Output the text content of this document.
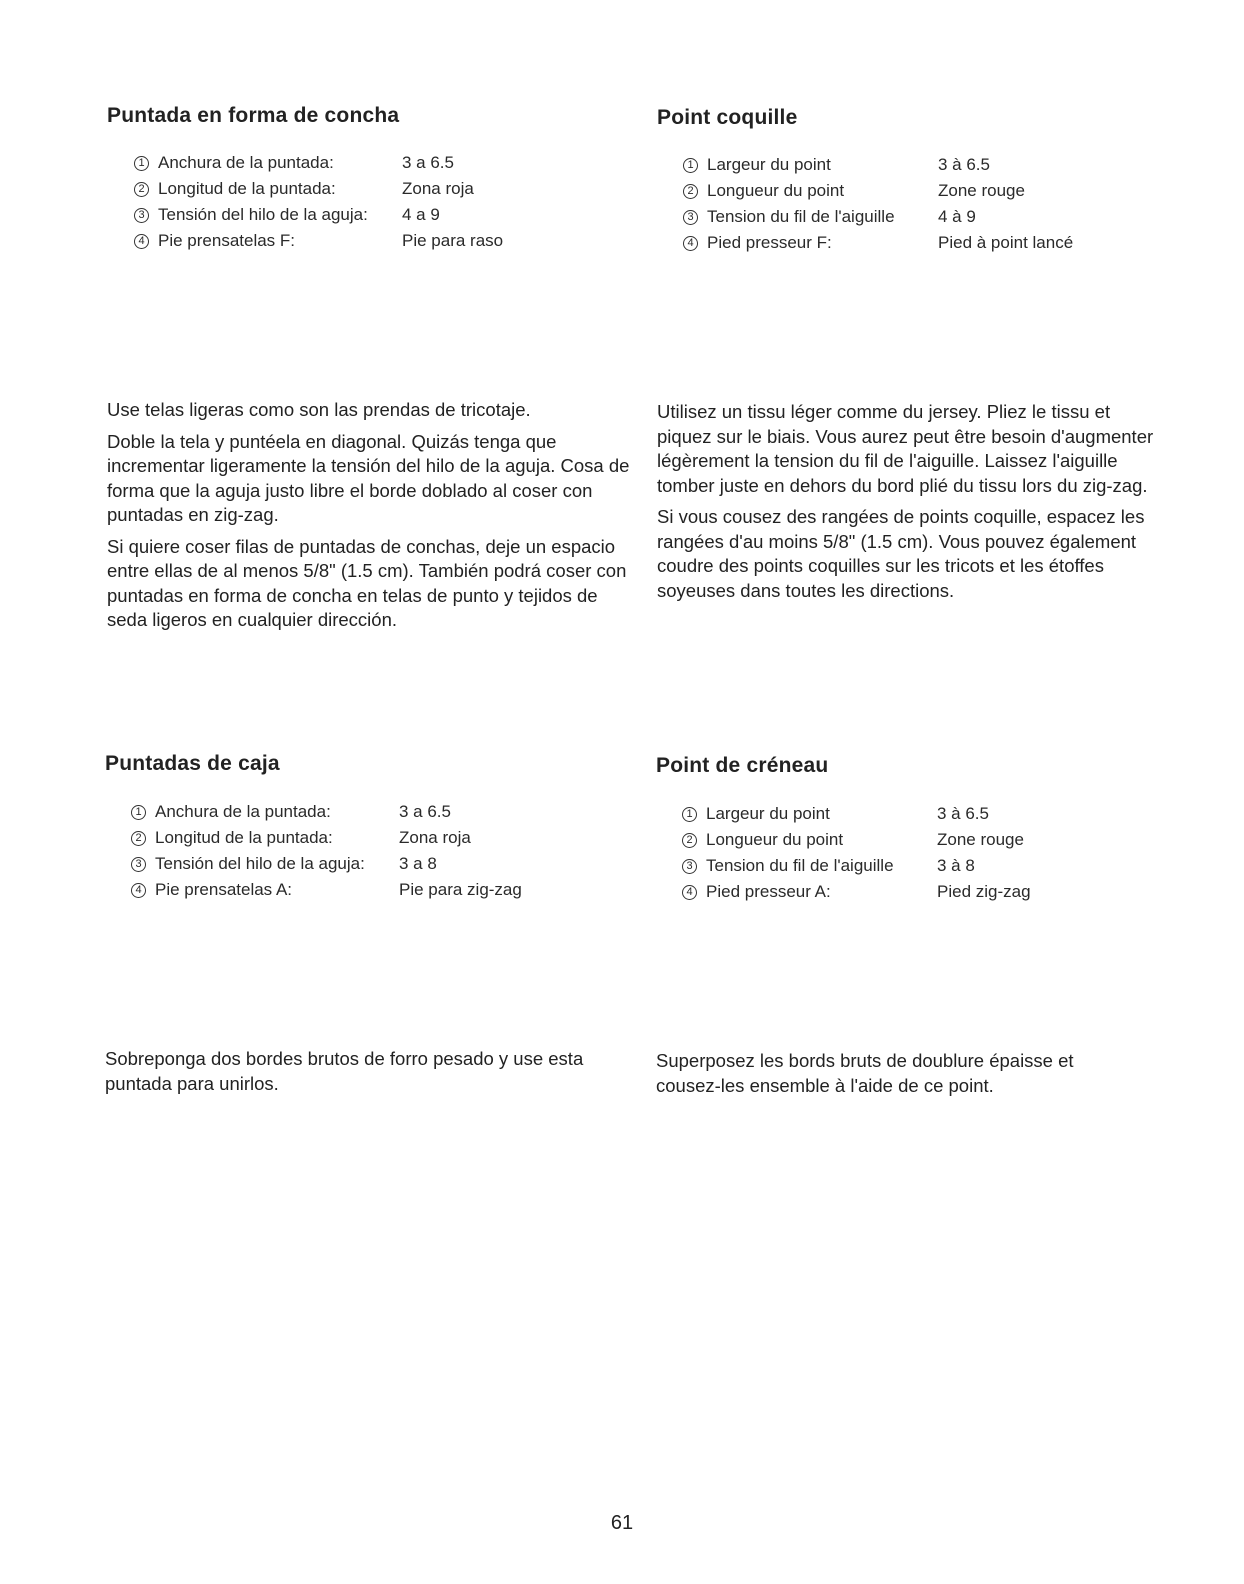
Puntada en forma de concha
1 Anchura de la puntada:	3 a 6.5
2 Longitud de la puntada:	Zona roja
3 Tensión del hilo de la aguja: 4 a 9
4 Pie prensatelas F:	Pie para raso

Use telas ligeras como son las prendas de tricotaje.

Doble la tela y puntéela en diagonal. Quizás tenga que incrementar ligeramente la tensión del hilo de la aguja. Cosa de forma que la aguja justo libre el borde doblado al coser con puntadas en zig-zag.

Si quiere coser filas de puntadas de conchas, deje un espacio entre ellas de al menos 5/8" (1.5 cm). También podrá coser con puntadas en forma de concha en telas de punto y tejidos de seda ligeros en cualquier dirección.

Point coquille
1 Largeur du point	3 à 6.5
2 Longueur du point	Zone rouge
3 Tension du fil de l'aiguille	4 à 9
4 Pied presseur F:	Pied à point lancé

Utilisez un tissu léger comme du jersey. Pliez le tissu et piquez sur le biais. Vous aurez peut être besoin d'augmenter légèrement la tension du fil de l'aiguille. Laissez l'aiguille tomber juste en dehors du bord plié du tissu lors du zig-zag.

Si vous cousez des rangées de points coquille, espacez les rangées d'au moins 5/8" (1.5 cm). Vous pouvez également coudre des points coquilles sur les tricots et les étoffes soyeuses dans toutes les directions.

Puntadas de caja
1 Anchura de la puntada:	3 a 6.5
2 Longitud de la puntada:	Zona roja
3 Tensión del hilo de la aguja: 3 a 8
4 Pie prensatelas A:	Pie para zig-zag

Sobreponga dos bordes brutos de forro pesado y use esta puntada para unirlos.

Point de créneau
1 Largeur du point	3 à 6.5
2 Longueur du point	Zone rouge
3 Tension du fil de l'aiguille	3 à 8
4 Pied presseur A:	Pied zig-zag

Superposez les bords bruts de doublure épaisse et cousez-les ensemble à l'aide de ce point.

61
